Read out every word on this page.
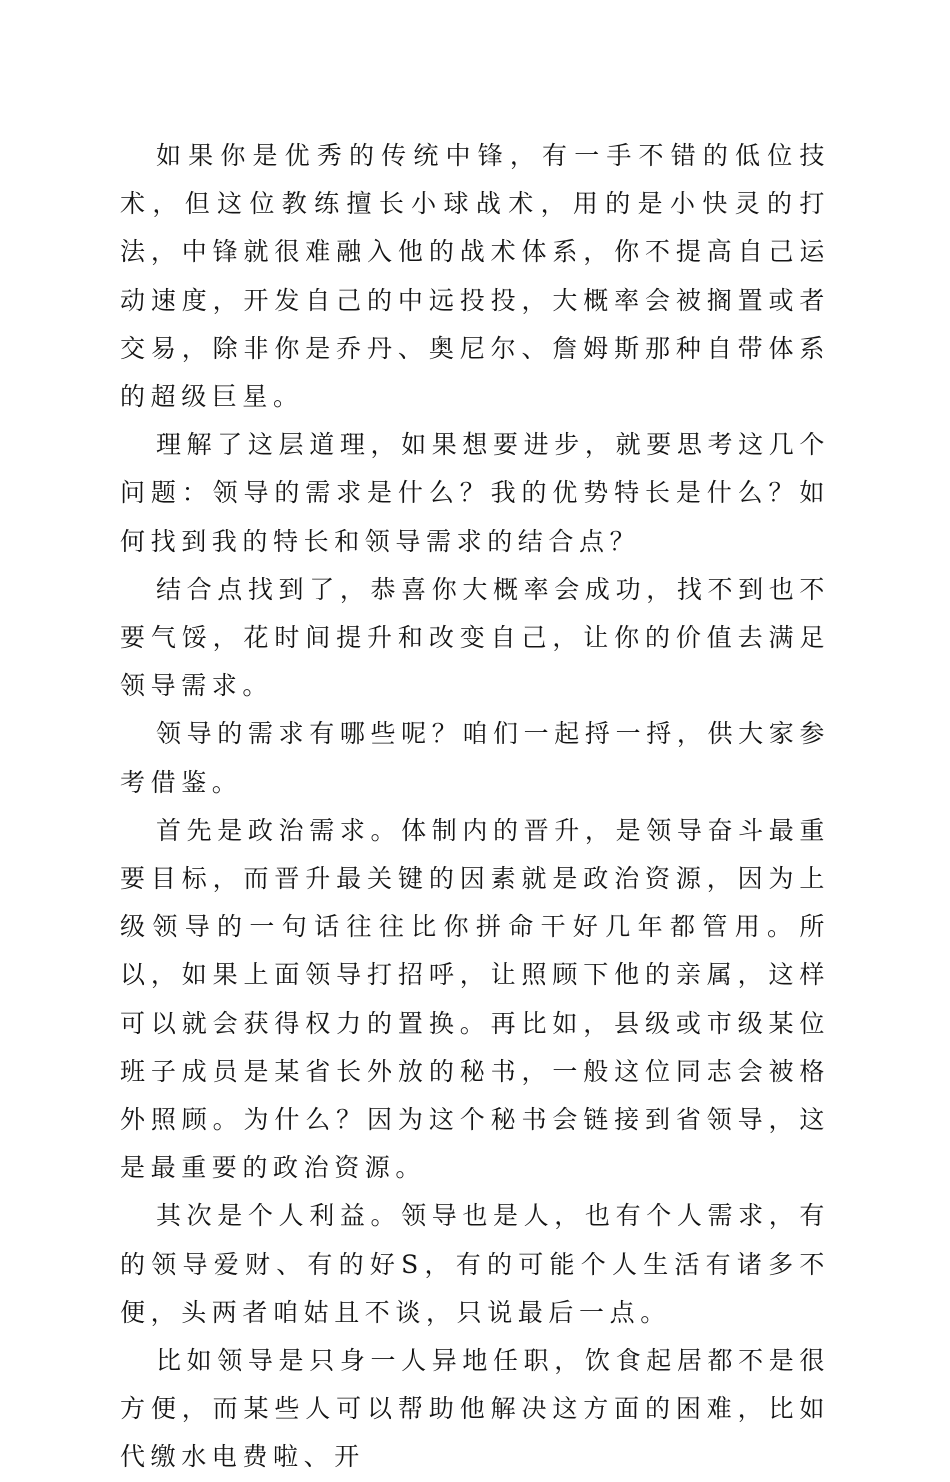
如果你是优秀的传统中锋，有一手不错的低位技术，但这位教练擅长小球战术，用的是小快灵的打法，中锋就很难融入他的战术体系，你不提高自己运动速度，开发自己的中远投投，大概率会被搁置或者交易，除非你是乔丹、奥尼尔、詹姆斯那种自带体系的超级巨星。

理解了这层道理，如果想要进步，就要思考这几个问题：领导的需求是什么？我的优势特长是什么？如何找到我的特长和领导需求的结合点？

结合点找到了，恭喜你大概率会成功，找不到也不要气馁，花时间提升和改变自己，让你的价值去满足领导需求。

领导的需求有哪些呢？咱们一起捋一捋，供大家参考借鉴。

首先是政治需求。体制内的晋升，是领导奋斗最重要目标，而晋升最关键的因素就是政治资源，因为上级领导的一句话往往比你拼命干好几年都管用。所以，如果上面领导打招呼，让照顾下他的亲属，这样可以就会获得权力的置换。再比如，县级或市级某位班子成员是某省长外放的秘书，一般这位同志会被格外照顾。为什么？因为这个秘书会链接到省领导，这是最重要的政治资源。

其次是个人利益。领导也是人，也有个人需求，有的领导爱财、有的好S，有的可能个人生活有诸多不便，头两者咱姑且不谈，只说最后一点。

比如领导是只身一人异地任职，饮食起居都不是很方便，而某些人可以帮助他解决这方面的困难，比如代缴水电费啦、开
